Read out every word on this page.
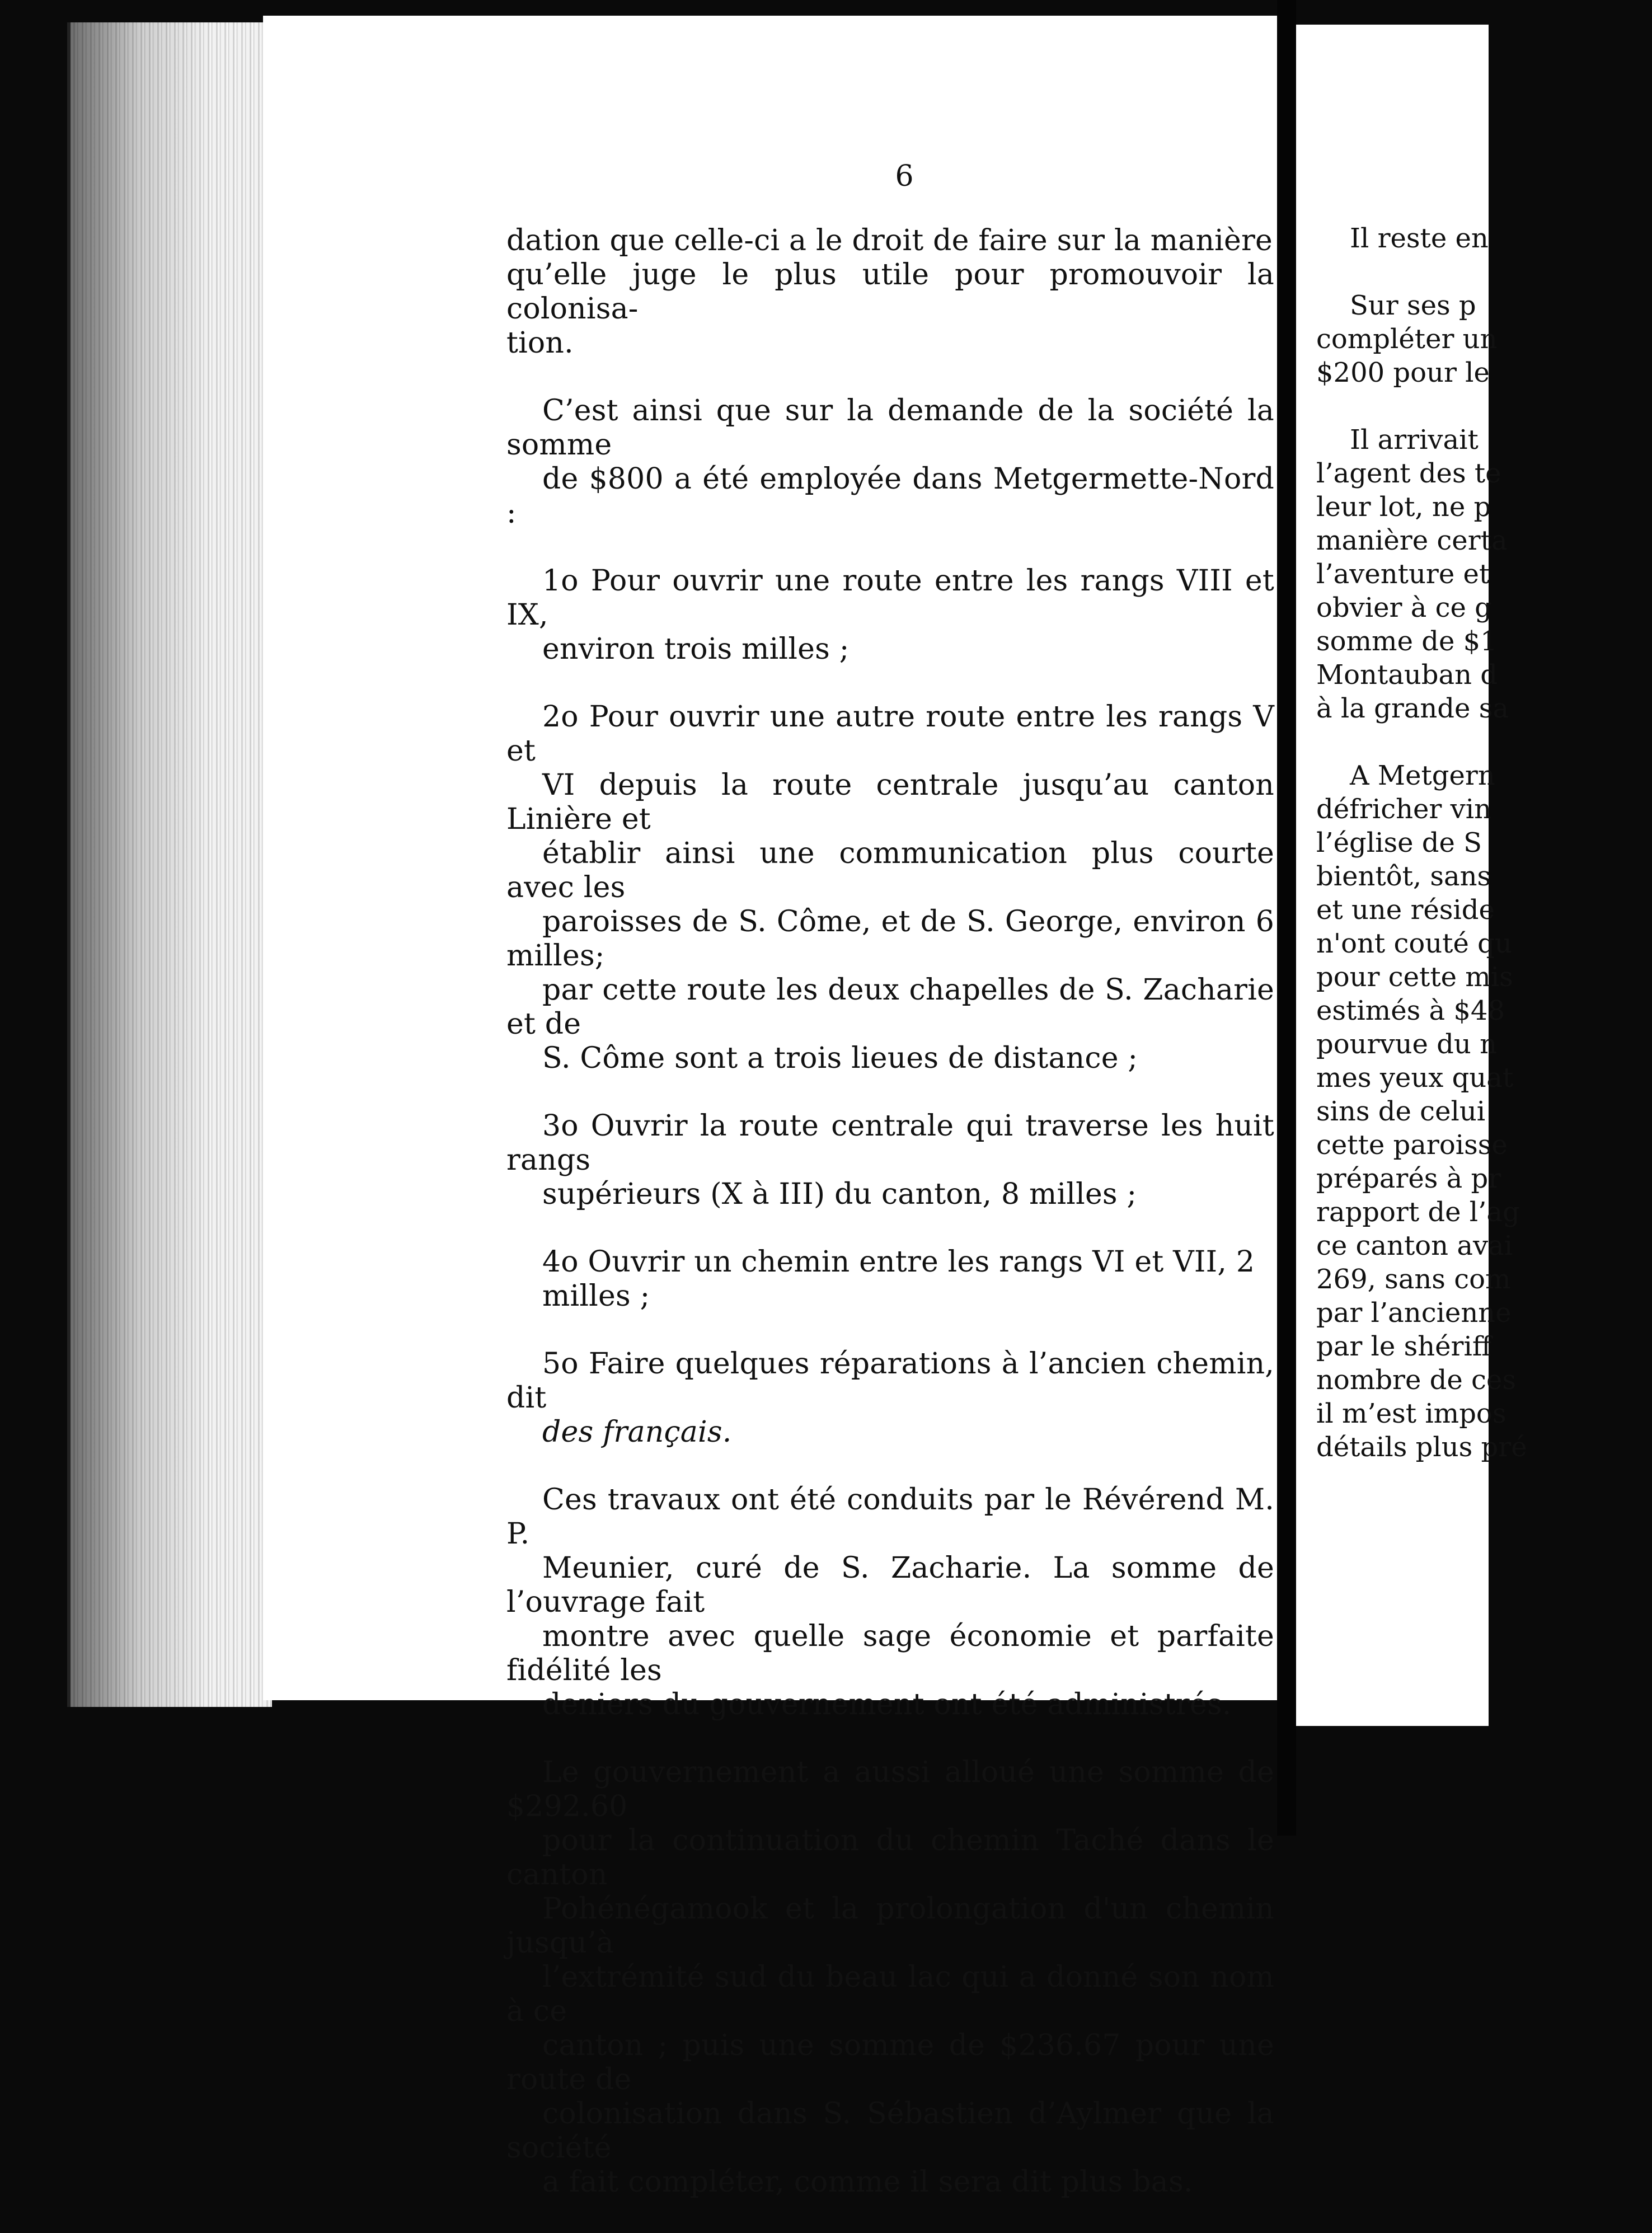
6

dation que celle-ci a le droit de faire sur la manière
qu’elle juge le plus utile pour promouvoir la colonisa-
tion.

C’est ainsi que sur la demande de la société la somme
de $800 a été employée dans Metgermette-Nord :

1o Pour ouvrir une route entre les rangs VIII et IX,
environ trois milles ;

2o Pour ouvrir une autre route entre les rangs V et
VI depuis la route centrale jusqu’au canton Linière et
établir ainsi une communication plus courte avec les
paroisses de S. Côme, et de S. George, environ 6 milles;
par cette route les deux chapelles de S. Zacharie et de
S. Côme sont a trois lieues de distance ;

3o Ouvrir la route centrale qui traverse les huit rangs
supérieurs (X à III) du canton, 8 milles ;

4o Ouvrir un chemin entre les rangs VI et VII, 2
milles ;

5o Faire quelques réparations à l’ancien chemin, dit
des français.

Ces travaux ont été conduits par le Révérend M. P.
Meunier, curé de S. Zacharie. La somme de l’ouvrage fait
montre avec quelle sage économie et parfaite fidélité les
deniers du gouvernement ont été administrés.

Le gouvernement a aussi alloué une somme de $292.60
pour la continuation du chemin Taché dans le canton
Pohénégamook et la prolongation d'un chemin jusqu’à
l’extrémité sud du beau lac qui a donné son nom à ce
canton ; puis une somme de $236.67 pour une route de
colonisation dans S. Sébastien d’Aylmer que la société
a fait compléter, comme il sera dit plus bas.

Il reste en
Sur ses p
compléter un
$200 pour le
Il arrivait
l’agent des te
leur lot, ne p
manière certa
l’aventure et
obvier à ce g
somme de $1
Montauban d
à la grande sa
A Metgern
défricher vin
l’église de S
bientôt, sans
et une réside
n'ont couté qu
pour cette mis
estimés à $48
pourvue du n
mes yeux quat
sins de celui
cette paroisse
préparés à pr
rapport de l’ag
ce canton avai
269, sans com
par l’ancienne
par le shériff
nombre de ces
il m’est impos
détails plus pré
